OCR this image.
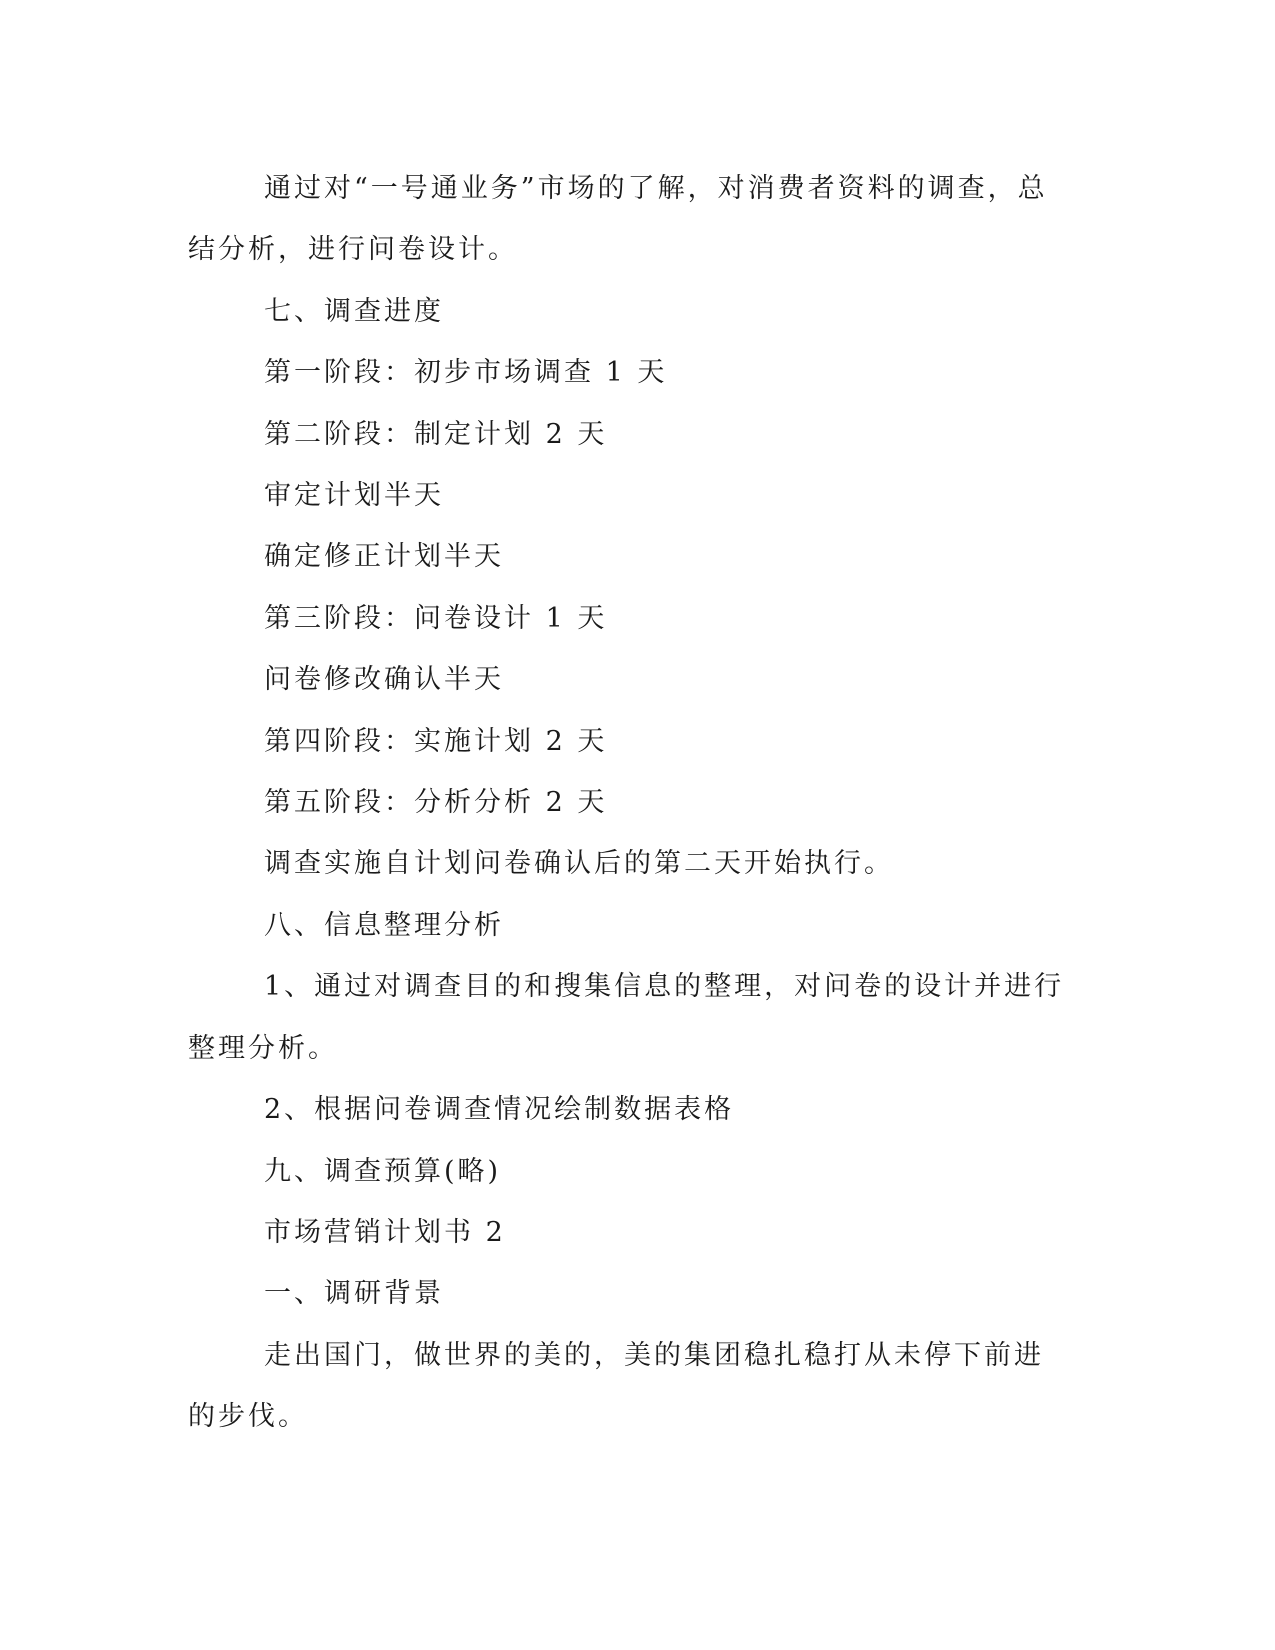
通过对“一号通业务”市场的了解，对消费者资料的调查，总结分析，进行问卷设计。

七、调查进度

第一阶段：初步市场调查 1 天

第二阶段：制定计划 2 天

审定计划半天

确定修正计划半天

第三阶段：问卷设计 1 天

问卷修改确认半天

第四阶段：实施计划 2 天

第五阶段：分析分析 2 天

调查实施自计划问卷确认后的第二天开始执行。

八、信息整理分析

1、通过对调查目的和搜集信息的整理，对问卷的设计并进行整理分析。

2、根据问卷调查情况绘制数据表格

九、调查预算(略)

市场营销计划书 2

一、调研背景

走出国门，做世界的美的，美的集团稳扎稳打从未停下前进的步伐。
